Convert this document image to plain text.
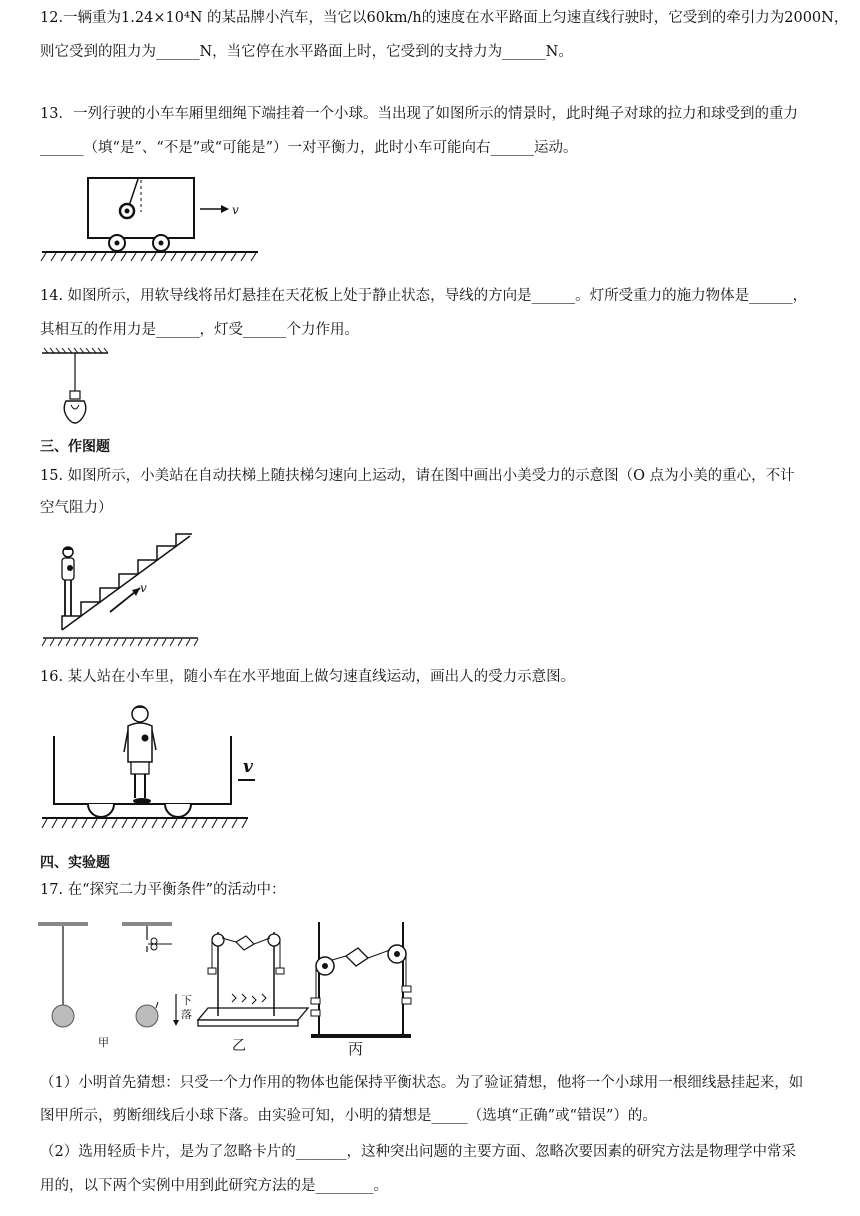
12.一辆重为1.24×10⁴N 的某品牌小汽车，当它以60km/h的速度在水平路面上匀速直线行驶时，它受到的牵引力为2000N，
则它受到的阻力为______N，当它停在水平路面上时，它受到的支持力为______N。
13．一列行驶的小车车厢里细绳下端挂着一个小球。当出现了如图所示的情景时，此时绳子对球的拉力和球受到的重力
______（填“是”、“不是”或“可能是”）一对平衡力，此时小车可能向右______运动。
v
14. 如图所示，用软导线将吊灯悬挂在天花板上处于静止状态，导线的方向是______。灯所受重力的施力物体是______，
其相互的作用力是______，灯受______个力作用。
三、作图题
15. 如图所示，小美站在自动扶梯上随扶梯匀速向上运动，请在图中画出小美受力的示意图（O 点为小美的重心，不计
空气阻力）
v
16. 某人站在小车里，随小车在水平地面上做匀速直线运动，画出人的受力示意图。
v
四、实验题
17. 在“探究二力平衡条件”的活动中：
甲
下
落
乙	丙
（1）小明首先猜想：只受一个力作用的物体也能保持平衡状态。为了验证猜想，他将一个小球用一根细线悬挂起来，如
图甲所示，剪断细线后小球下落。由实验可知，小明的猜想是_____（选填“正确”或“错误”）的。
（2）选用轻质卡片，是为了忽略卡片的_______，这种突出问题的主要方面、忽略次要因素的研究方法是物理学中常采
用的，以下两个实例中用到此研究方法的是________。
